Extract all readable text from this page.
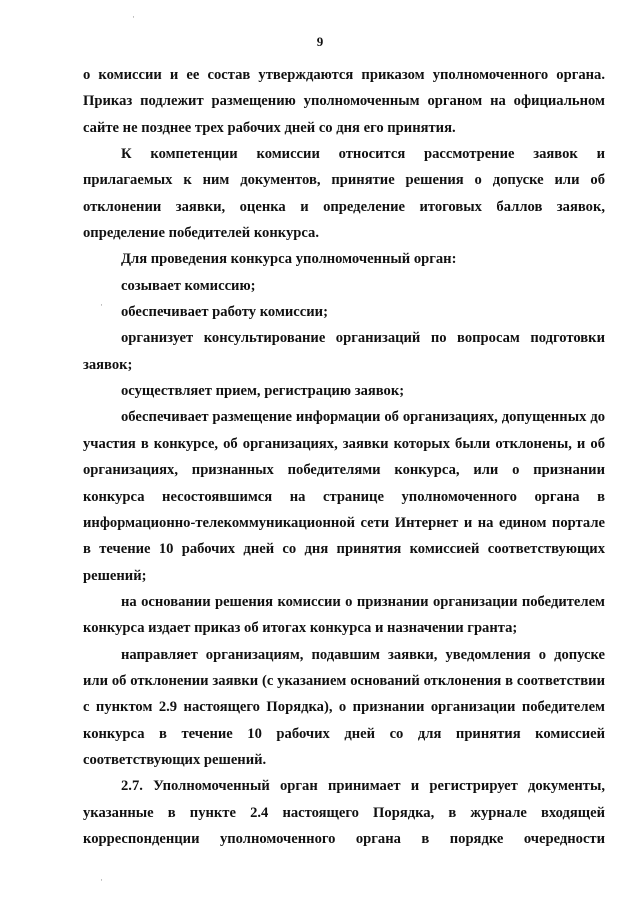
·
·
·
9

о комиссии и ее состав утверждаются приказом уполномоченного органа. Приказ подлежит размещению уполномоченным органом на официальном сайте не позднее трех рабочих дней со дня его принятия.

К компетенции комиссии относится рассмотрение заявок и прилагаемых к ним документов, принятие решения о допуске или об отклонении заявки, оценка и определение итоговых баллов заявок, определение победителей конкурса.

Для проведения конкурса уполномоченный орган:

созывает комиссию;

обеспечивает работу комиссии;

организует консультирование организаций по вопросам подготовки заявок;

осуществляет прием, регистрацию заявок;

обеспечивает размещение информации об организациях, допущенных до участия в конкурсе, об организациях, заявки которых были отклонены, и об организациях, признанных победителями конкурса, или о признании конкурса несостоявшимся на странице уполномоченного органа в информационно-телекоммуникационной сети Интернет и на едином портале в течение 10 рабочих дней со дня принятия комиссией соответствующих решений;

на основании решения комиссии о признании организации победителем конкурса издает приказ об итогах конкурса и назначении гранта;

направляет организациям, подавшим заявки, уведомления о допуске или об отклонении заявки (с указанием оснований отклонения в соответствии с пунктом 2.9 настоящего Порядка), о признании организации победителем конкурса в течение 10 рабочих дней со для принятия комиссией соответствующих решений.

2.7. Уполномоченный орган принимает и регистрирует документы, указанные в пункте 2.4 настоящего Порядка, в журнале входящей корреспонденции уполномоченного органа в порядке очередности
